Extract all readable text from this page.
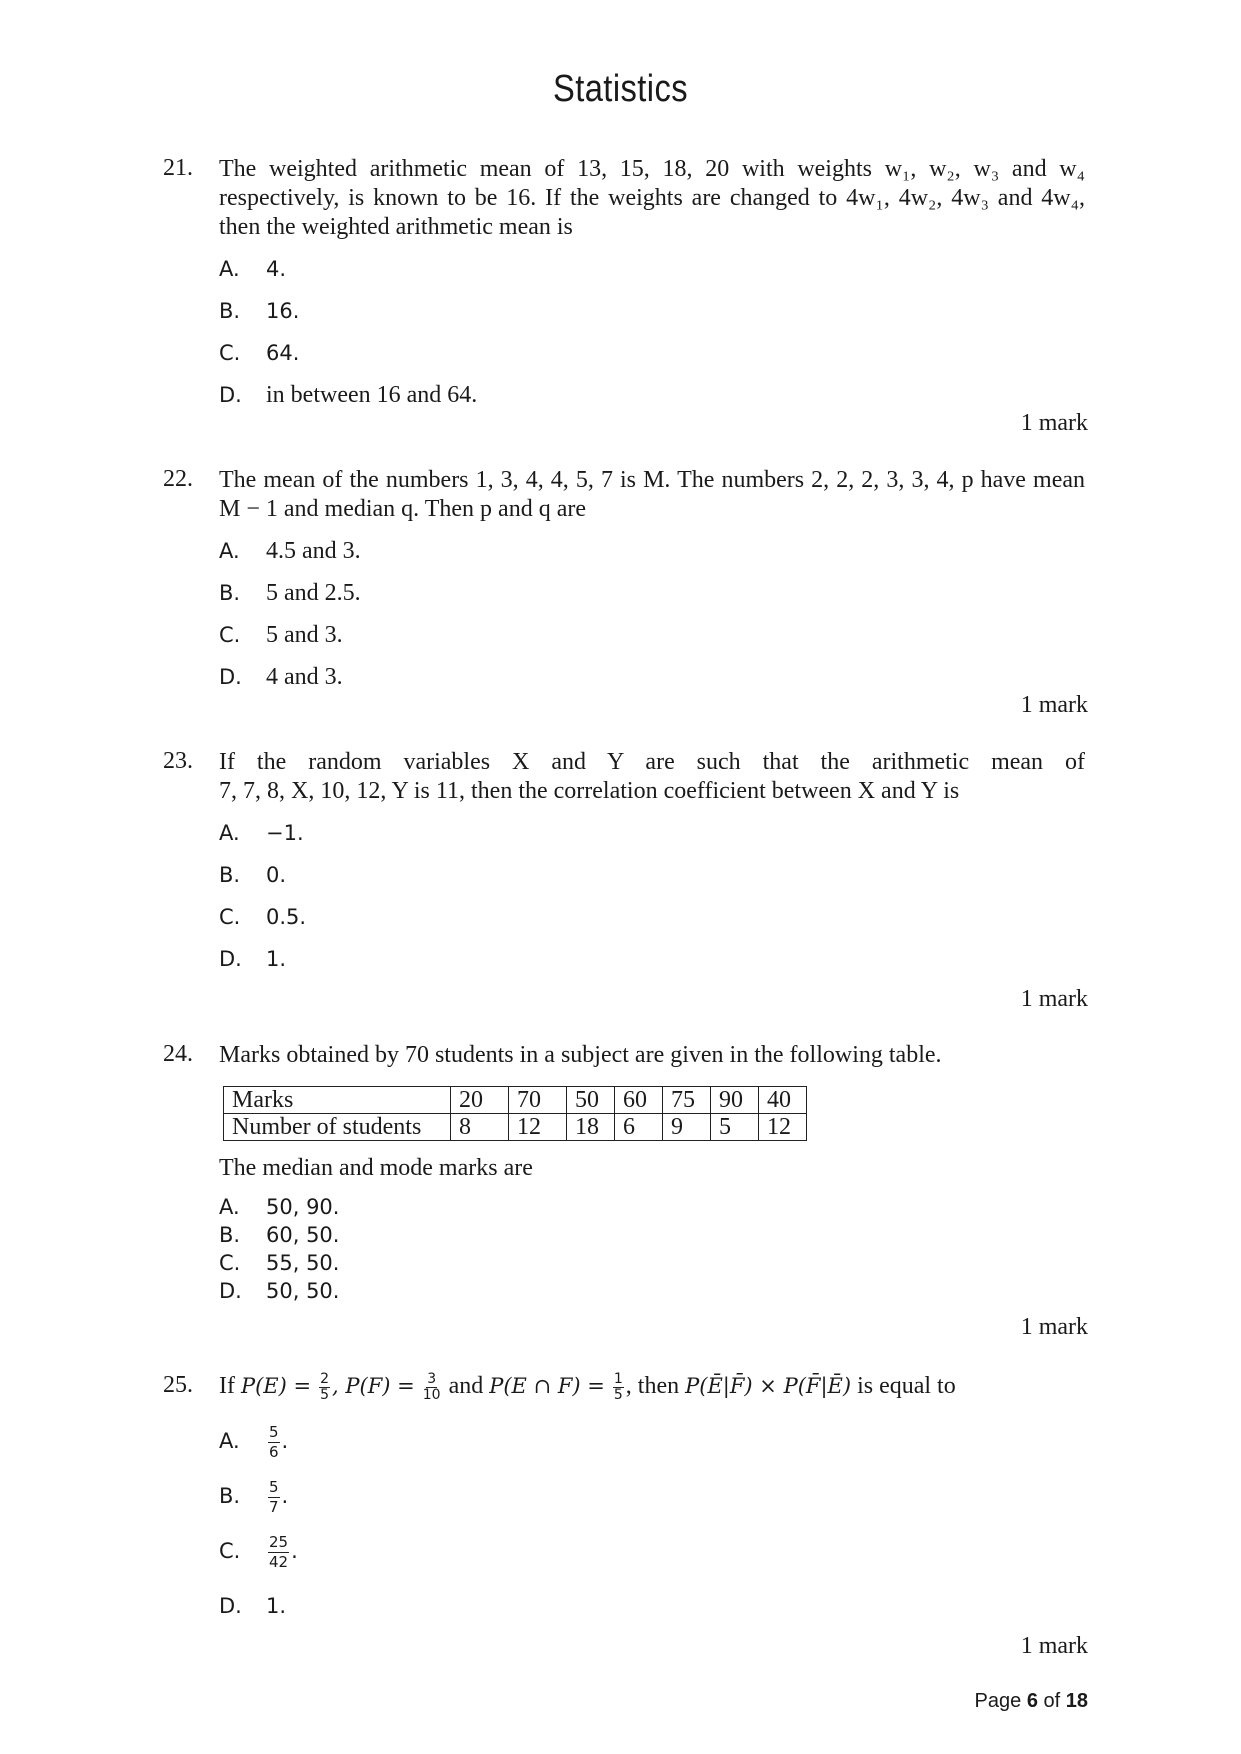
Statistics
21. The weighted arithmetic mean of 13, 15, 18, 20 with weights w₁, w₂, w₃ and w₄
respectively, is known to be 16. If the weights are changed to 4w₁, 4w₂, 4w₃ and 4w₄,
then the weighted arithmetic mean is
A. 4.
B. 16.
C. 64.
D. in between 16 and 64.
1 mark
22. The mean of the numbers 1, 3, 4, 4, 5, 7 is M. The numbers 2, 2, 2, 3, 3, 4, p have mean
M − 1 and median q. Then p and q are
A. 4.5 and 3.
B. 5 and 2.5.
C. 5 and 3.
D. 4 and 3.
1 mark
23. If the random variables X and Y are such that the arithmetic mean of
7, 7, 8, X, 10, 12, Y is 11, then the correlation coefficient between X and Y is
A. −1.
B. 0.
C. 0.5.
D. 1.
1 mark
24. Marks obtained by 70 students in a subject are given in the following table.
Marks	20	70	50	60	75	90	40
Number of students	8	12	18	6	9	5	12
The median and mode marks are
A. 50, 90.
B. 60, 50.
C. 55, 50.
D. 50, 50.
1 mark
25. If $P(E) = \frac{2}{5}$ , $P(F) = \frac{3}{10}$ and P(E ∩ $F) = \frac{1}{5}$ , then P(Ē|F̄) × P(F̄|Ē) is equal to
A. $\frac{5}{6}$ .
B. $\frac{5}{7}$ .
C. $\frac{25}{42}$ .
D. 1.
1 mark
Page 6 of 18
